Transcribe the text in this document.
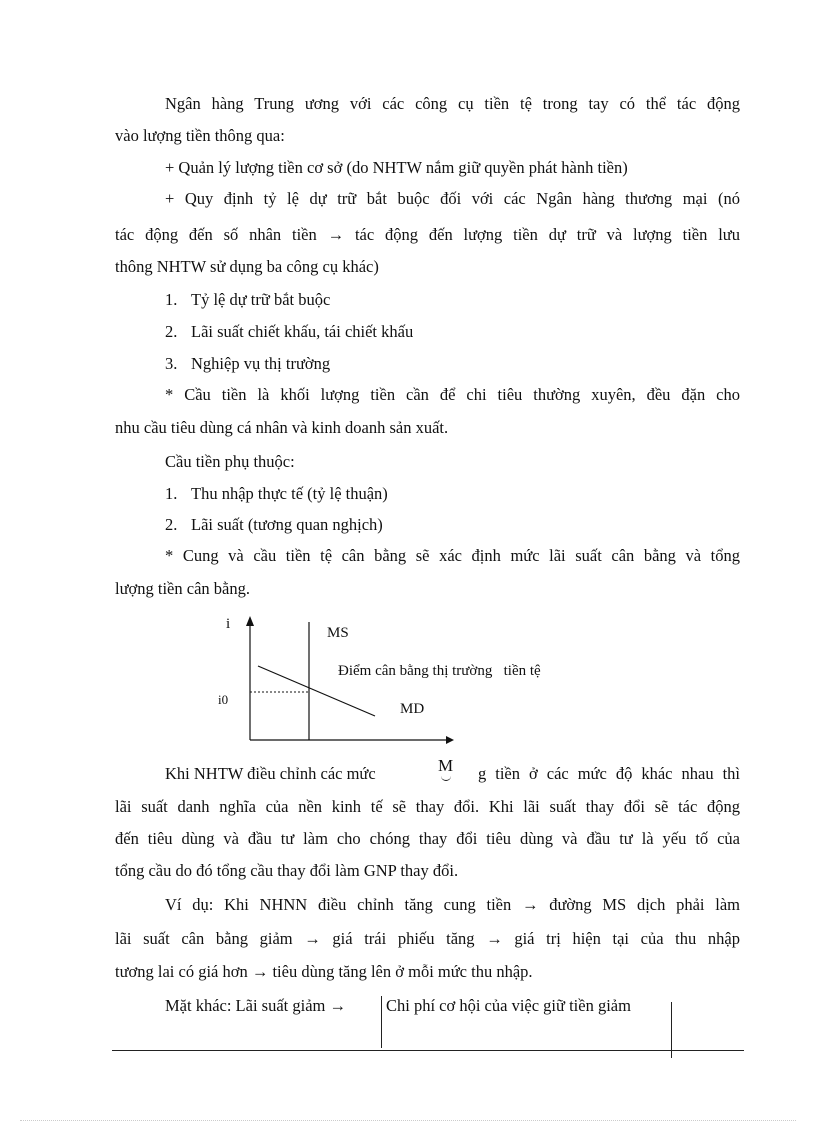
Ngân hàng Trung ương với các công cụ tiền tệ trong tay có thể tác động
vào lượng tiền thông qua:
+ Quản lý lượng tiền cơ sở (do NHTW nắm giữ quyền phát hành tiền)
+ Quy định tỷ lệ dự trữ bắt buộc đối với các Ngân hàng thương mại (nó
tác động đến số nhân tiền → tác động đến lượng tiền dự trữ và lượng tiền lưu
thông NHTW sử dụng ba công cụ khác)
1. Tỷ lệ dự trữ bắt buộc
2. Lãi suất chiết khấu, tái chiết khấu
3. Nghiệp vụ thị trường
* Cầu tiền là khối lượng tiền cần để chi tiêu thường xuyên, đều đặn cho
nhu cầu tiêu dùng cá nhân và kinh doanh sản xuất.
Cầu tiền phụ thuộc:
1. Thu nhập thực tế (tỷ lệ thuận)
2. Lãi suất (tương quan nghịch)
* Cung và cầu tiền tệ cân bằng sẽ xác định mức lãi suất cân bằng và tổng
lượng tiền cân bằng.
i
i0
MS
Điểm cân bằng thị trường   tiền tệ
MD
Khi NHTW điều chỉnh các mức	M g tiền ở các mức độ khác nhau thì
lãi suất danh nghĩa của nền kinh tế sẽ thay đổi. Khi lãi suất thay đổi sẽ tác động
đến tiêu dùng và đầu tư làm cho chóng thay đổi tiêu dùng và đầu tư là yếu tố của
tổng cầu do đó tổng cầu thay đổi làm GNP thay đổi.
Ví dụ: Khi NHNN điều chỉnh tăng cung tiền → đường MS dịch phải làm
lãi suất cân bằng giảm → giá trái phiếu tăng → giá trị hiện tại của thu nhập
tương lai có giá hơn → tiêu dùng tăng lên ở mỗi mức thu nhập.
Mặt khác: Lãi suất giảm → Chi phí cơ hội của việc giữ tiền giảm
